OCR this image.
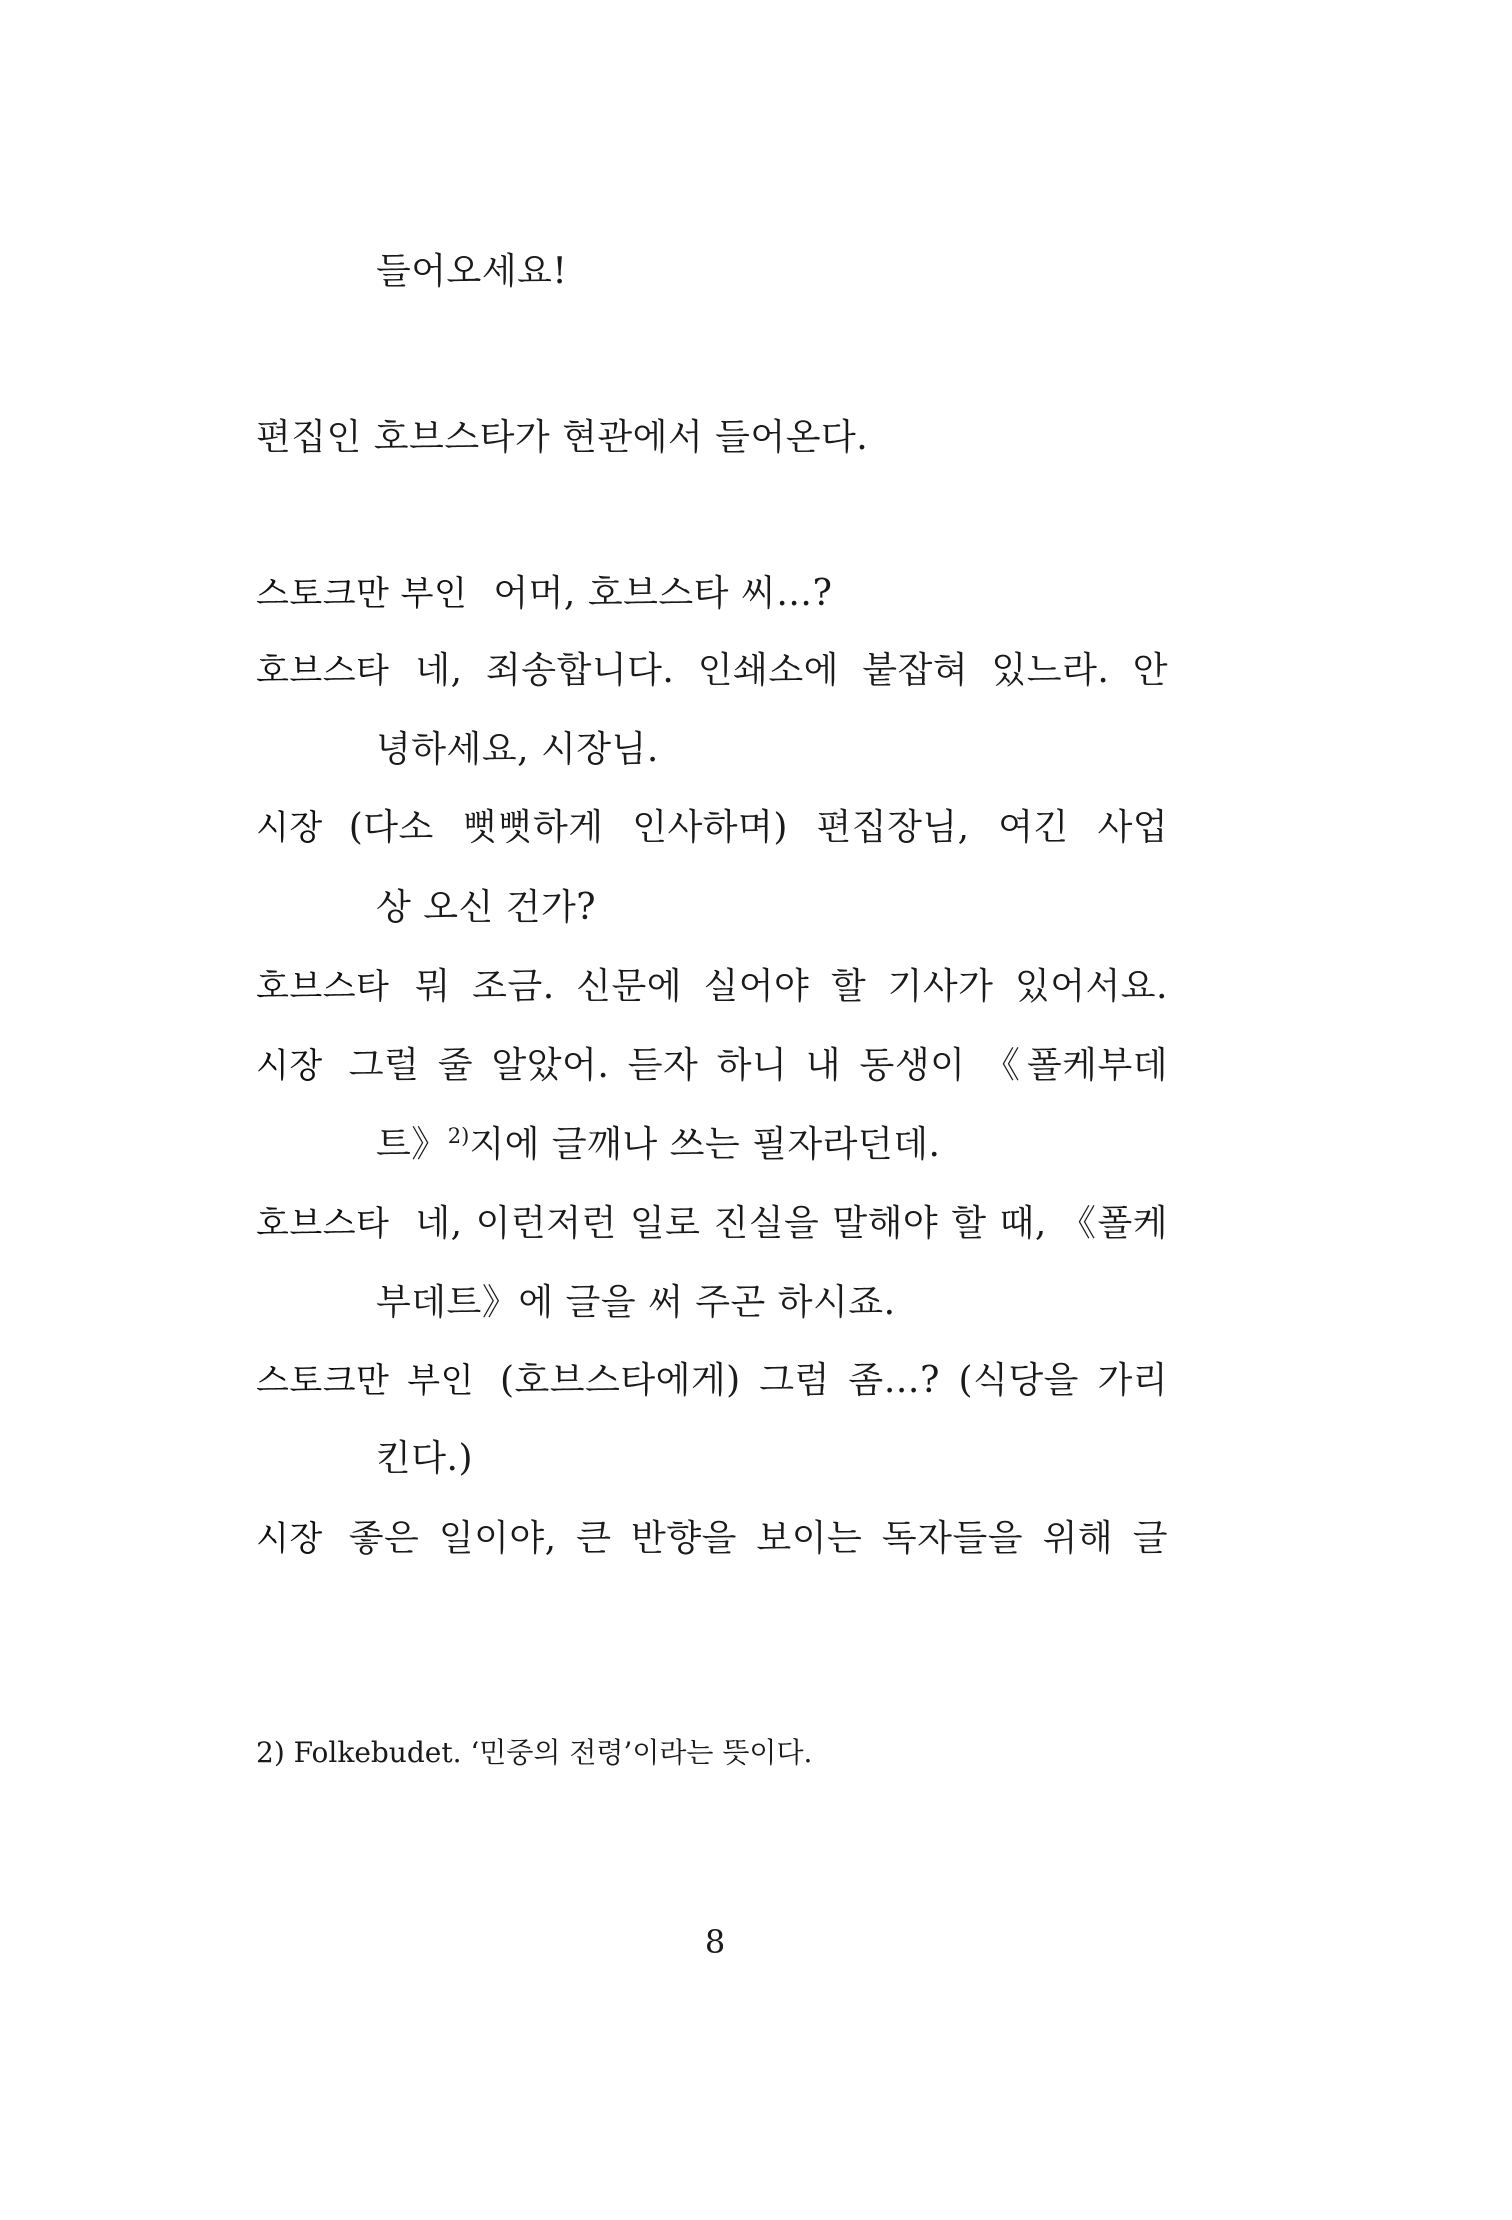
들어오세요!
편집인 호브스타가 현관에서 들어온다.
스토크만 부인 어머, 호브스타 씨…?
호브스타 네, 죄송합니다. 인쇄소에 붙잡혀 있느라. 안
녕하세요, 시장님.
시장 (다소 뻣뻣하게 인사하며) 편집장님, 여긴 사업
상 오신 건가?
호브스타 뭐 조금. 신문에 실어야 할 기사가 있어서요.
시장 그럴 줄 알았어. 듣자 하니 내 동생이 《폴케부데
트》$^{2)}$지에 글깨나 쓰는 필자라던데.
호브스타 네, 이런저런 일로 진실을 말해야 할 때, 《폴케
부데트》에 글을 써 주곤 하시죠.
스토크만 부인 (호브스타에게) 그럼 좀…? (식당을 가리
킨다.)
시장 좋은 일이야, 큰 반향을 보이는 독자들을 위해 글
2) Folkebudet. ‘민중의 전령’이라는 뜻이다.
8
